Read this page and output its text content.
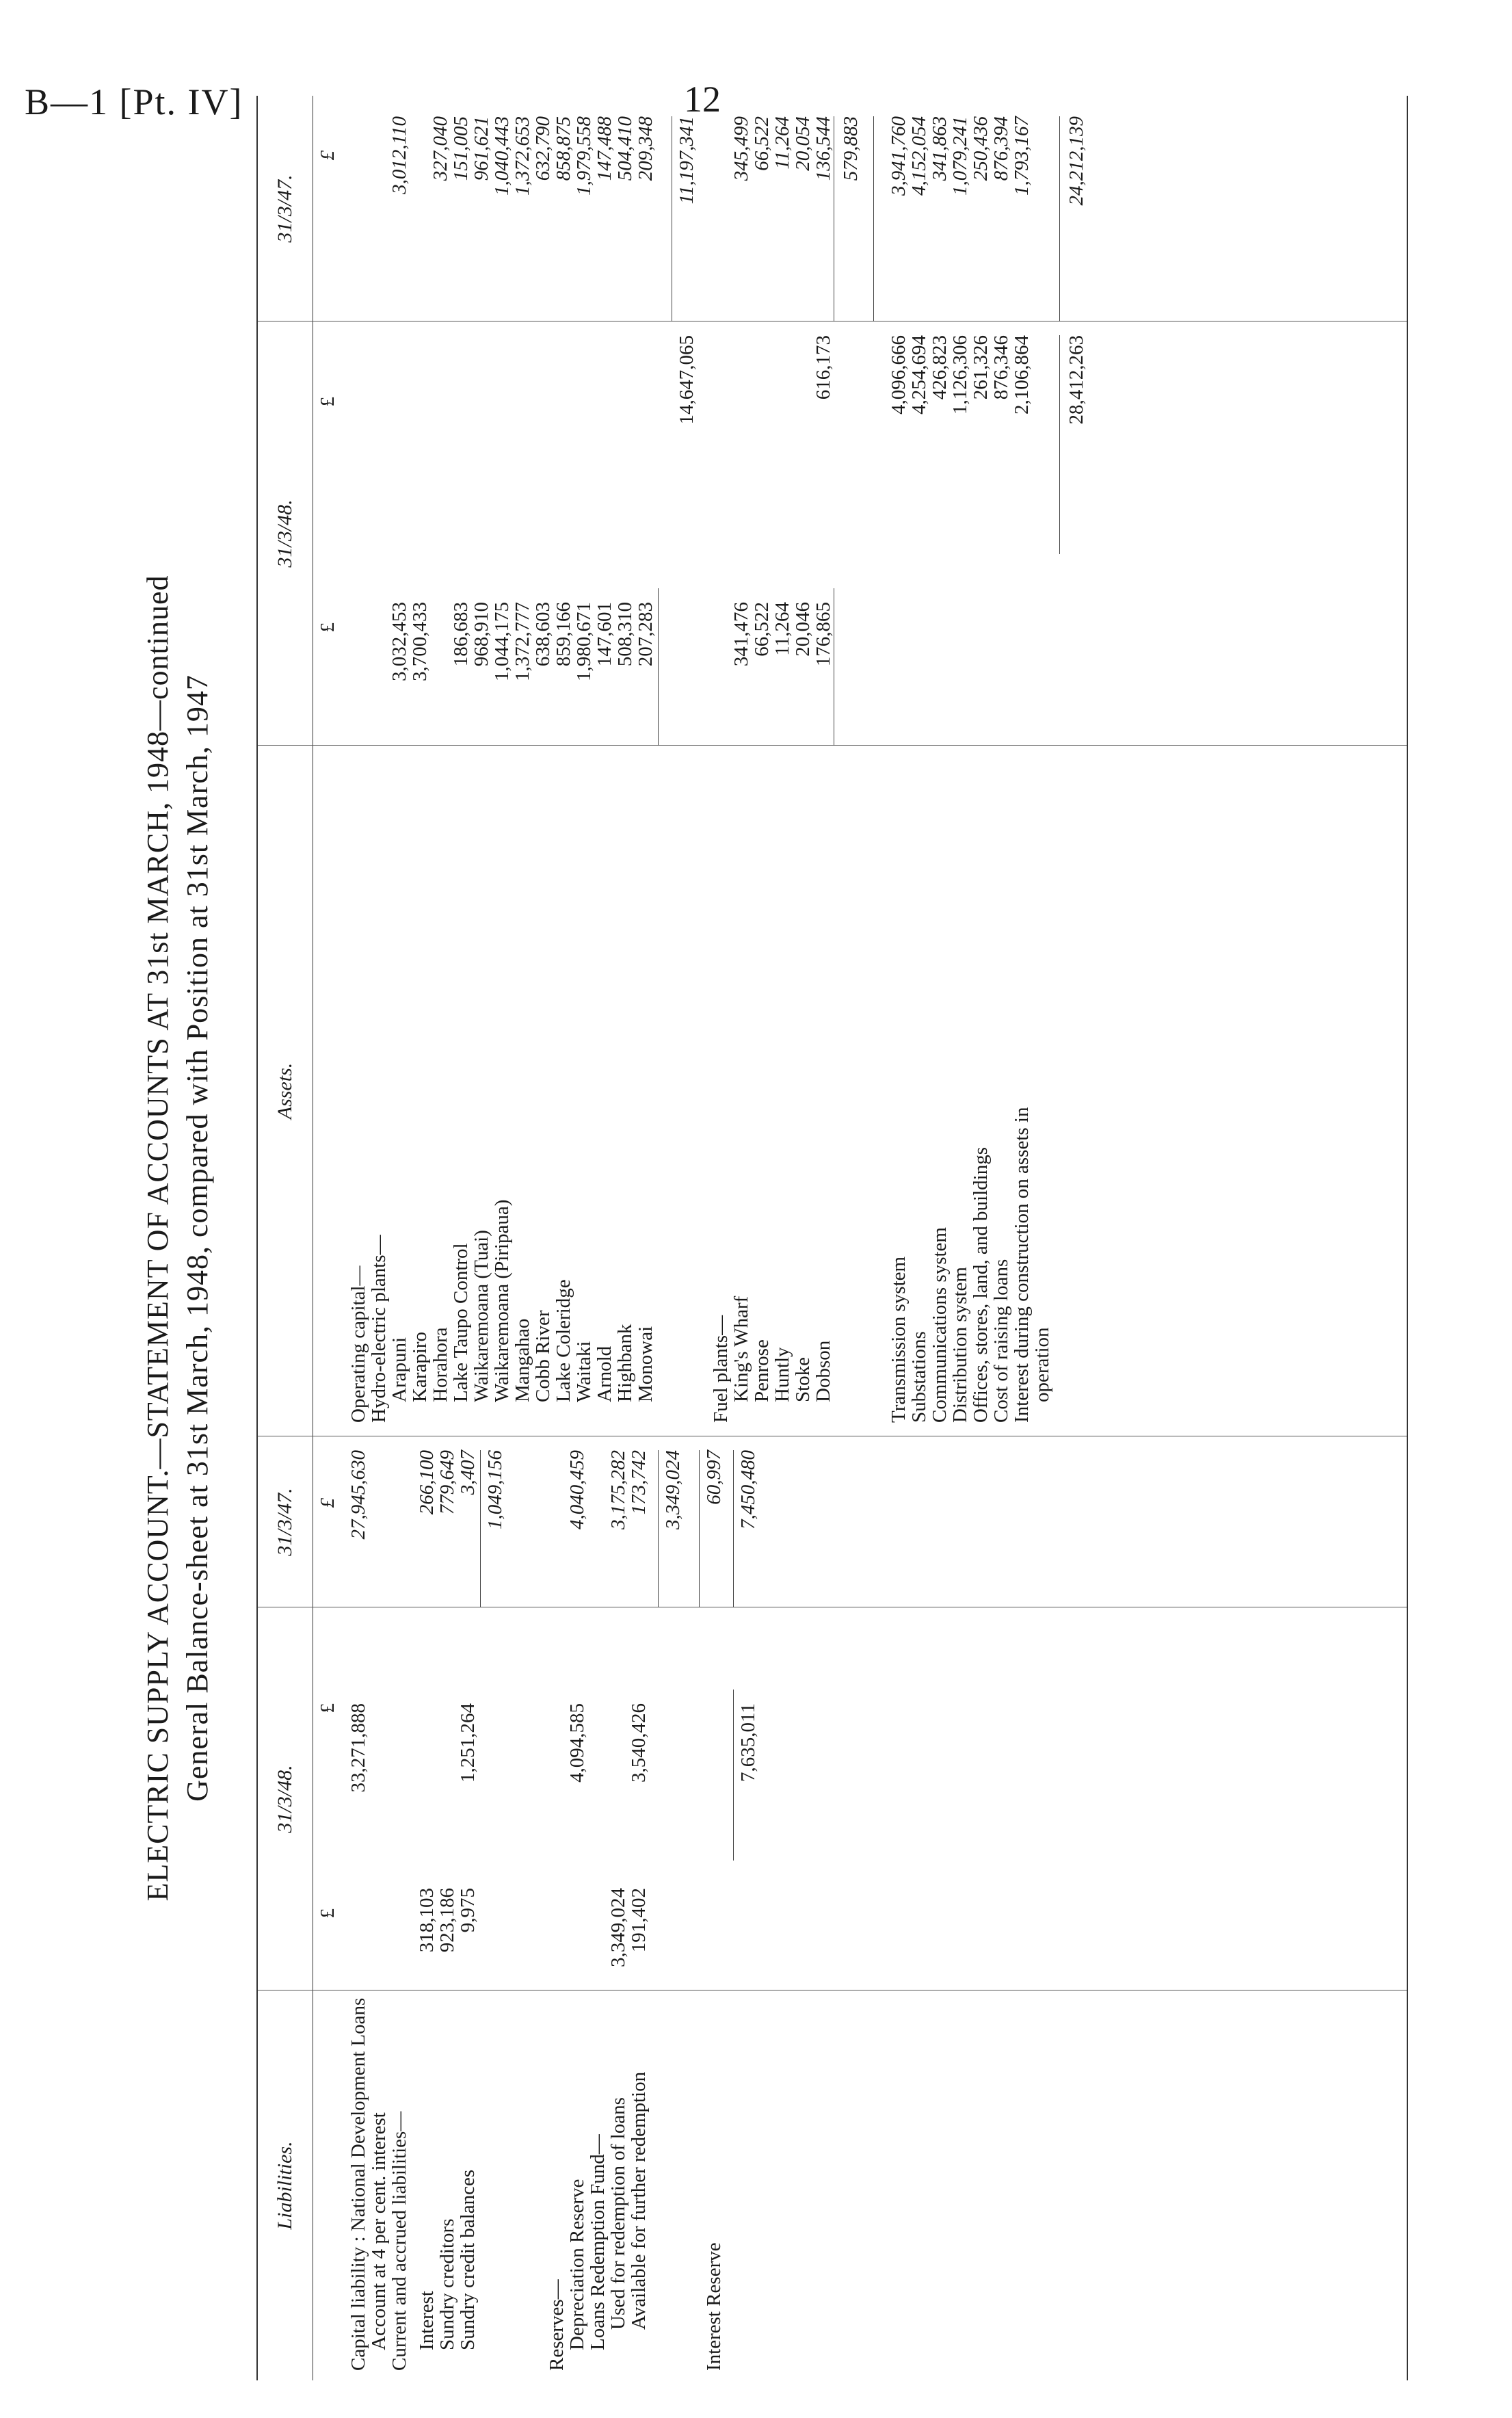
B—1 [Pt. IV]	12
ELECTRIC SUPPLY ACCOUNT.—STATEMENT OF ACCOUNTS AT 31st MARCH, 1948—continued General Balance-sheet at 31st March, 1948, compared with Position at 31st March, 1947
Liabilities.
31/3/48.
31/3/47.
£
£
£
Capital liability : National Development Loans
33,271,888
27,945,630
Account at 4 per cent. interest
Current and accrued liabilities— Interest
318,103
266,100
Sundry creditors
923,186
779,649
Sundry credit balances
9,975
1,251,264
3,407 1,049,156
Reserves—
Depreciation Reserve
4,094,585
4,040,459
Loans Redemption Fund—
Used for redemption of loans
3,349,024
3,175,282
Available for further redemption
191,402
3,540,426
173,742 3,349,024
Interest Reserve
60,997
7,635,011
7,450,480
Assets.
31/3/48.
31/3/47.
£
£
£
Operating capital—
Hydro-electric plants—
Arapuni
3,032,453
3,012,110
Karapiro
3,700,433
Horahora
327,040
Lake Taupo Control
186,683
151,005
Waikaremoana (Tuai)
968,910
961,621
Waikaremoana (Piripaua)
1,044,175
1,040,443
Mangahao
1,372,777
1,372,653
Cobb River
638,603
632,790
Lake Coleridge
859,166
858,875
Waitaki
1,980,671
1,979,558
Arnold
147,601
147,488
Highbank
508,310
504,410
Monowai
207,283
209,348
14,647,065
11,197,341
Fuel plants—
King's Wharf
341,476
345,499
Penrose
66,522
66,522
Huntly
11,264
11,264
Stoke
20,046
20,054
Dobson
176,865
616,173
136,544 579,883
Transmission system
4,096,666
3,941,760
Substations
4,254,694
4,152,054
Communications system
426,823
341,863
Distribution system
1,126,306
1,079,241
Offices, stores, land, and buildings
261,326
250,436
Cost of raising loans
876,346
876,394
Interest during construction on assets in
2,106,864
1,793,167
operation
28,412,263
24,212,139
